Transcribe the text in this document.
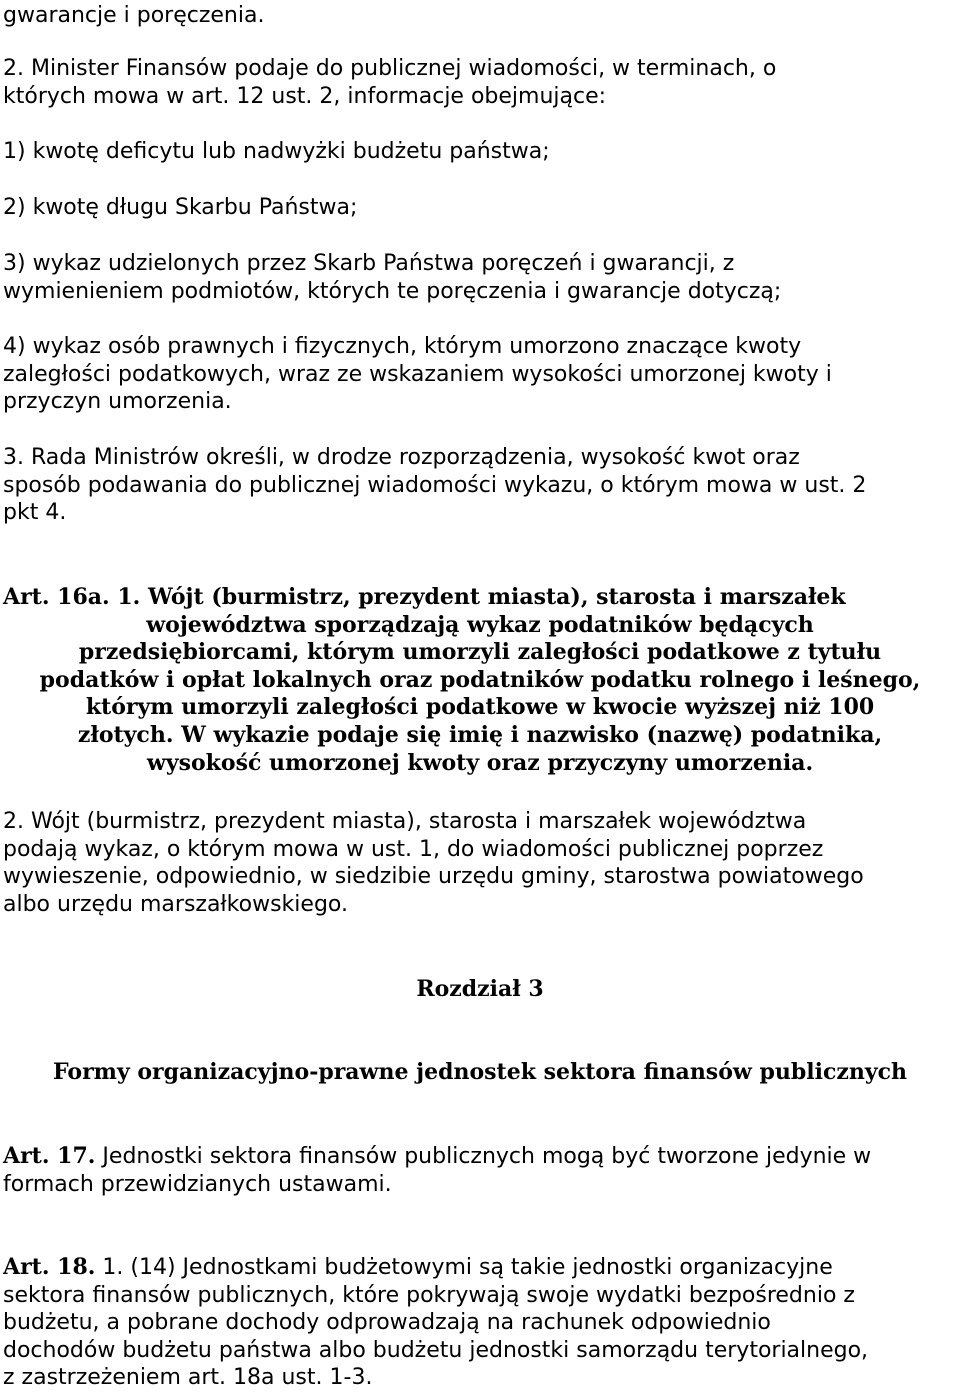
gwarancje i poręczenia.

2. Minister Finansów podaje do publicznej wiadomości, w terminach, o
których mowa w art. 12 ust. 2, informacje obejmujące:

1) kwotę deficytu lub nadwyżki budżetu państwa;

2) kwotę długu Skarbu Państwa;

3) wykaz udzielonych przez Skarb Państwa poręczeń i gwarancji, z
wymienieniem podmiotów, których te poręczenia i gwarancje dotyczą;

4) wykaz osób prawnych i fizycznych, którym umorzono znaczące kwoty
zaległości podatkowych, wraz ze wskazaniem wysokości umorzonej kwoty i
przyczyn umorzenia.

3. Rada Ministrów określi, w drodze rozporządzenia, wysokość kwot oraz
sposób podawania do publicznej wiadomości wykazu, o którym mowa w ust. 2
pkt 4.

Art. 16a. 1. Wójt (burmistrz, prezydent miasta), starosta i marszałek
województwa sporządzają wykaz podatników będących
przedsiębiorcami, którym umorzyli zaległości podatkowe z tytułu
podatków i opłat lokalnych oraz podatników podatku rolnego i leśnego,
którym umorzyli zaległości podatkowe w kwocie wyższej niż 100
złotych. W wykazie podaje się imię i nazwisko (nazwę) podatnika,
wysokość umorzonej kwoty oraz przyczyny umorzenia.

2. Wójt (burmistrz, prezydent miasta), starosta i marszałek województwa
podają wykaz, o którym mowa w ust. 1, do wiadomości publicznej poprzez
wywieszenie, odpowiednio, w siedzibie urzędu gminy, starostwa powiatowego
albo urzędu marszałkowskiego.

Rozdział 3

Formy organizacyjno-prawne jednostek sektora finansów publicznych

Art. 17. Jednostki sektora finansów publicznych mogą być tworzone jedynie w
formach przewidzianych ustawami.

Art. 18. 1. (14) Jednostkami budżetowymi są takie jednostki organizacyjne
sektora finansów publicznych, które pokrywają swoje wydatki bezpośrednio z
budżetu, a pobrane dochody odprowadzają na rachunek odpowiednio
dochodów budżetu państwa albo budżetu jednostki samorządu terytorialnego,
z zastrzeżeniem art. 18a ust. 1-3.
